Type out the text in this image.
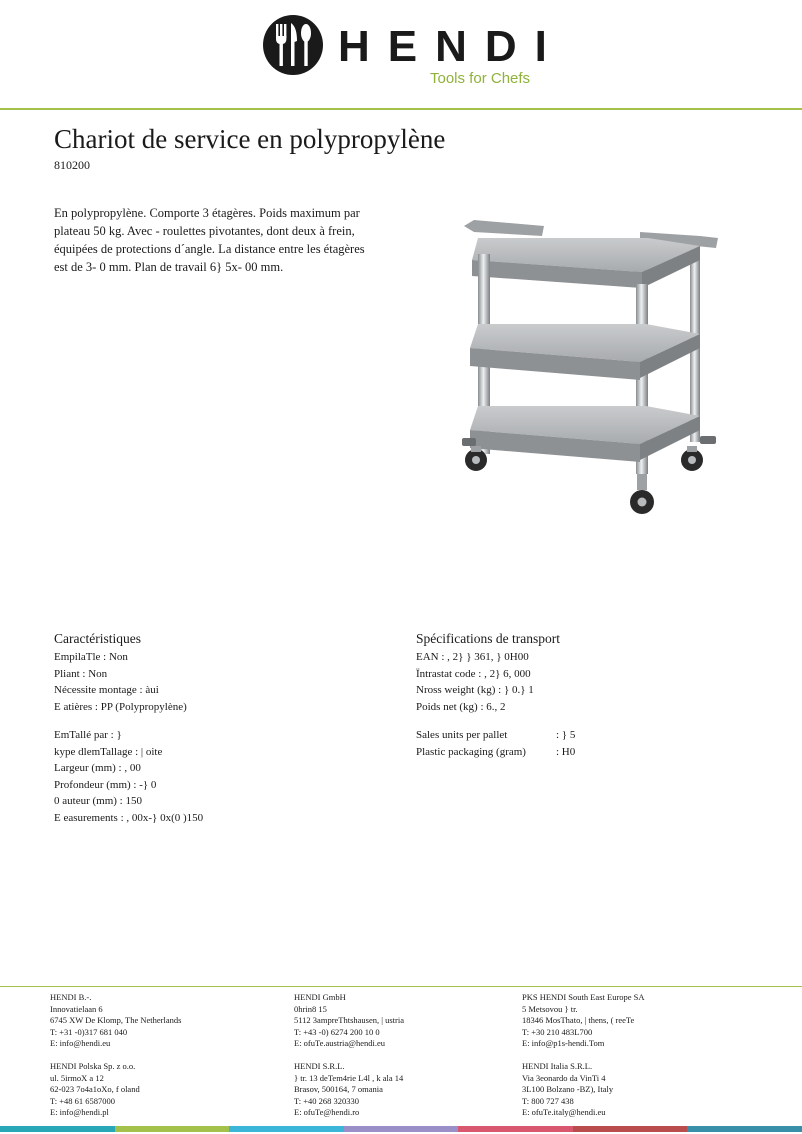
HENDI
Tools for Chefs
Chariot de service en polypropylène
810200
En polypropylène. Comporte 3 étagères. Poids maximum par plateau 50 kg. Avec - roulettes pivotantes, dont deux à frein, équipées de protections d´angle. La distance entre les étagères est de 3- 0 mm. Plan de travail 6} 5x- 00 mm.
Caractéristiques
EmpilaTle : Non
Pliant : Non
Nécessite montage : àui
E atières : PP (Polypropylène)
EmTallé par : }
kype dlemTallage : | oite
Largeur (mm) : , 00
Profondeur (mm) : -} 0
0 auteur (mm) : 150
E easurements : , 00x-} 0x(0 )150
Spécifications de transport
EAN : , 2} } 361, } 0H00
Ïntrastat code : , 2} 6, 000
Nross weight (kg) : } 0.} 1
Poids net (kg) : 6., 2
Sales units per pallet	: } 5
Plastic packaging (gram)	: H0
HENDI B.-.
Innovatielaan 6
6745 XW De Klomp, The Netherlands
T: +31 -0)317 681 040
E: info@hendi.eu
HENDI Polska Sp. z o.o.
ul. 5irmoX a 12
62-023 7o4a1oXo, f oland
T: +48 61 6587000
E: info@hendi.pl
HENDI GmbH
0hrin8 15
5112 3ampreThtshausen, | ustria
T: +43 -0) 6274 200 10 0
E: ofuTe.austria@hendi.eu
HENDI S.R.L.
} tr. 13 deTem4rie L4l , k ala 14
Brasov, 500164, 7 omania
T: +40 268 320330
E: ofuTe@hendi.ro
PKS HENDI South East Europe SA
5 Metsovou } tr.
18346 MosThato, | thens, ( reeTe
T: +30 210 483L700
E: info@p1s-hendi.Tom
HENDI Italia S.R.L.
Via 3eonardo da VinTi 4
3L100 Bolzano -BZ), Italy
T: 800 727 438
E: ofuTe.italy@hendi.eu
